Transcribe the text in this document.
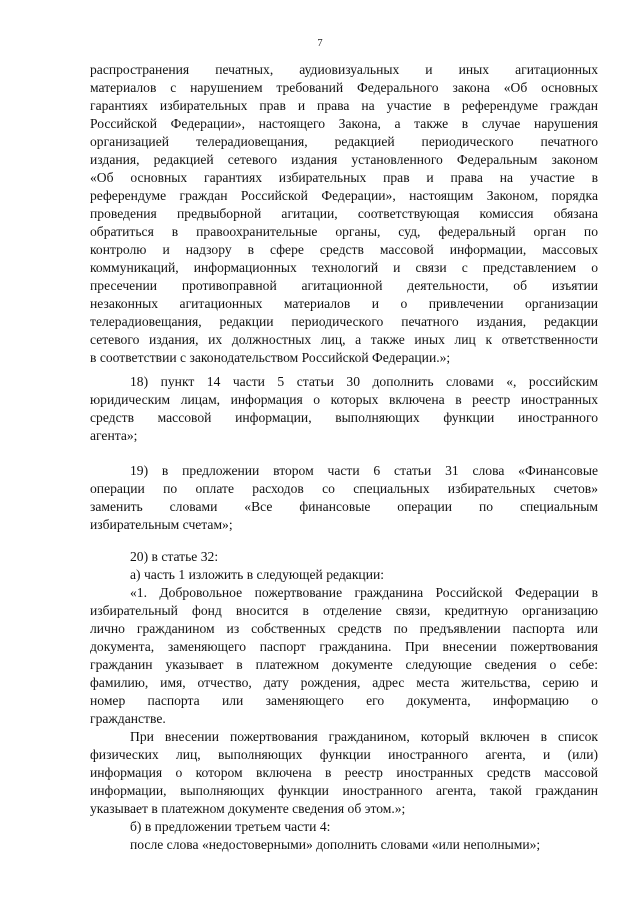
7
распространения печатных, аудиовизуальных и иных агитационных
материалов с нарушением требований Федерального закона «Об основных
гарантиях избирательных прав и права на участие в референдуме граждан
Российской Федерации», настоящего Закона, а также в случае нарушения
организацией телерадиовещания, редакцией периодического печатного
издания, редакцией сетевого издания установленного Федеральным законом
«Об основных гарантиях избирательных прав и права на участие в
референдуме граждан Российской Федерации», настоящим Законом, порядка
проведения предвыборной агитации, соответствующая комиссия обязана
обратиться в правоохранительные органы, суд, федеральный орган по
контролю и надзору в сфере средств массовой информации, массовых
коммуникаций, информационных технологий и связи с представлением о
пресечении противоправной агитационной деятельности, об изъятии
незаконных агитационных материалов и о привлечении организации
телерадиовещания, редакции периодического печатного издания, редакции
сетевого издания, их должностных лиц, а также иных лиц к ответственности
в соответствии с законодательством Российской Федерации.»;
18) пункт 14 части 5 статьи 30 дополнить словами «, российским
юридическим лицам, информация о которых включена в реестр иностранных
средств массовой информации, выполняющих функции иностранного
агента»;
19) в предложении втором части 6 статьи 31 слова «Финансовые
операции по оплате расходов со специальных избирательных счетов»
заменить словами «Все финансовые операции по специальным
избирательным счетам»;
20) в статье 32:
а) часть 1 изложить в следующей редакции:
«1. Добровольное пожертвование гражданина Российской Федерации в
избирательный фонд вносится в отделение связи, кредитную организацию
лично гражданином из собственных средств по предъявлении паспорта или
документа, заменяющего паспорт гражданина. При внесении пожертвования
гражданин указывает в платежном документе следующие сведения о себе:
фамилию, имя, отчество, дату рождения, адрес места жительства, серию и
номер паспорта или заменяющего его документа, информацию о
гражданстве.
При внесении пожертвования гражданином, который включен в список
физических лиц, выполняющих функции иностранного агента, и (или)
информация о котором включена в реестр иностранных средств массовой
информации, выполняющих функции иностранного агента, такой гражданин
указывает в платежном документе сведения об этом.»;
б) в предложении третьем части 4:
после слова «недостоверными» дополнить словами «или неполными»;
